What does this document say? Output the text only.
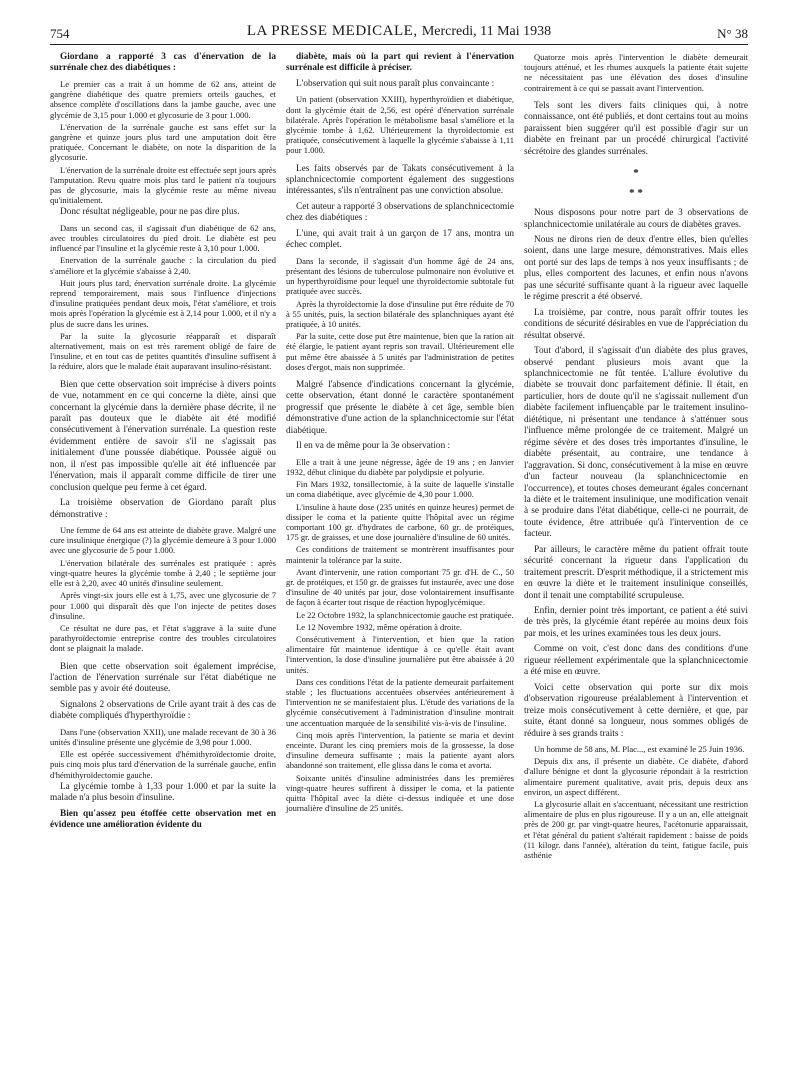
754	LA PRESSE MEDICALE, Mercredi, 11 Mai 1938	N° 38

Giordano a rapporté 3 cas d'énervation de la surrénale chez des diabétiques :

Le premier cas a trait à un homme de 62 ans, atteint de gangrène diabétique des quatre premiers orteils gauches, et absence complète d'oscillations dans la jambe gauche, avec une glycémie de 3,15 pour 1.000 et glycosurie de 3 pour 1.000.

L'énervation de la surrénale gauche est sans effet sur la gangrène et quinze jours plus tard une amputation doit être pratiquée. Concernant le diabète, on note la disparition de la glycosurie.

L'énervation de la surrénale droite est effectuée sept jours après l'amputation. Revu quatre mois plus tard le patient n'a toujours pas de glycosurie, mais la glycémie reste au même niveau qu'initialement.

Donc résultat négligeable, pour ne pas dire plus.

Dans un second cas, il s'agissait d'un diabétique de 62 ans, avec troubles circulatoires du pied droit. Le diabète est peu influencé par l'insuline et la glycémie reste à 3,10 pour 1.000.

Enervation de la surrénale gauche : la circulation du pied s'améliore et la glycémie s'abaisse à 2,40.

Huit jours plus tard, énervation surrénale droite. La glycémie reprend temporairement, mais sous l'influence d'injections d'insuline pratiquées pendant deux mois, l'état s'améliore, et trois mois après l'opération la glycémie est à 2,14 pour 1.000, et il n'y a plus de sucre dans les urines.

Par la suite la glycosurie réapparaît et disparaît alternativement, mais on est très rarement obligé de faire de l'insuline, et en tout cas de petites quantités d'insuline suffisent à la réduire, alors que le malade était auparavant insulino-résistant.

Bien que cette observation soit imprécise à divers points de vue, notamment en ce qui concerne la diète, ainsi que concernant la glycémie dans la dernière phase décrite, il ne paraît pas douteux que le diabète ait été modifié consécutivement à l'énervation surrénale. La question reste évidemment entière de savoir s'il ne s'agissait pas initialement d'une poussée diabétique. Poussée aiguë ou non, il n'est pas impossible qu'elle ait été influencée par l'énervation, mais il apparaît comme difficile de tirer une conclusion quelque peu ferme à cet égard.

La troisième observation de Giordano paraît plus démonstrative :

Une femme de 64 ans est atteinte de diabète grave. Malgré une cure insulinique énergique (?) la glycémie demeure à 3 pour 1.000 avec une glycosurie de 5 pour 1.000.

L'énervation bilatérale des surrénales est pratiquée : après vingt-quatre heures la glycémie tombe à 2,40 ; le septième jour elle est à 2,20, avec 40 unités d'insuline seulement.

Après vingt-six jours elle est à 1,75, avec une glycosurie de 7 pour 1.000 qui disparaît dès que l'on injecte de petites doses d'insuline.

Ce résultat ne dure pas, et l'état s'aggrave à la suite d'une parathyroïdectomie entreprise contre des troubles circulatoires dont se plaignait la malade.

Bien que cette observation soit également imprécise, l'action de l'énervation surrénale sur l'état diabétique ne semble pas y avoir été douteuse.

Signalons 2 observations de Crile ayant trait à des cas de diabète compliqués d'hyperthyroïdie :

Dans l'une (observation XXII), une malade recevant de 30 à 36 unités d'insuline présente une glycémie de 3,98 pour 1.000.

Elle est opérée successivement d'hémithyroïdectomie droite, puis cinq mois plus tard d'énervation de la surrénale gauche, enfin d'hémithyroïdectomie gauche.

La glycémie tombe à 1,33 pour 1.000 et par la suite la malade n'a plus besoin d'insuline.

Bien qu'assez peu étoffée cette observation met en évidence une amélioration évidente du

diabète, mais où la part qui revient à l'énervation surrénale est difficile à préciser.

L'observation qui suit nous paraît plus convaincante :

Un patient (observation XXIII), hyperthyroïdien et diabétique, dont la glycémie était de 2,56, est opéré d'énervation surrénale bilatérale. Après l'opération le métabolisme basal s'améliore et la glycémie tombe à 1,62. Ultérieurement la thyroïdectomie est pratiquée, consécutivement à laquelle la glycémie s'abaisse à 1,11 pour 1.000.

Les faits observés par de Takats consécutivement à la splanchnicectomie comportent également des suggestions intéressantes, s'ils n'entraînent pas une conviction absolue.

Cet auteur a rapporté 3 observations de splanchnicectomie chez des diabétiques :

L'une, qui avait trait à un garçon de 17 ans, montra un échec complet.

Dans la seconde, il s'agissait d'un homme âgé de 24 ans, présentant des lésions de tuberculose pulmonaire non évolutive et un hyperthyroïdisme pour lequel une thyroïdectomie subtotale fut pratiquée avec succès.

Après la thyroïdectomie la dose d'insuline put être réduite de 70 à 55 unités, puis, la section bilatérale des splanchniques ayant été pratiquée, à 10 unités.

Par la suite, cette dose put être maintenue, bien que la ration ait été élargie, le patient ayant repris son travail. Ultérieurement elle put même être abaissée à 5 unités par l'administration de petites doses d'ergot, mais non supprimée.

Malgré l'absence d'indications concernant la glycémie, cette observation, étant donné le caractère spontanément progressif que présente le diabète à cet âge, semble bien démonstrative d'une action de la splanchnicectomie sur l'état diabétique.

Il en va de même pour la 3e observation :

Elle a trait à une jeune négresse, âgée de 19 ans ; en Janvier 1932, début clinique du diabète par polydipsie et polyurie.

Fin Mars 1932, tonsillectomie, à la suite de laquelle s'installe un coma diabétique, avec glycémie de 4,30 pour 1.000.

L'insuline à haute dose (235 unités en quinze heures) permet de dissiper le coma et la patiente quitte l'hôpital avec un régime comportant 100 gr. d'hydrates de carbone, 60 gr. de protéiques, 175 gr. de graisses, et une dose journalière d'insuline de 60 unités.

Ces conditions de traitement se montrèrent insuffisantes pour maintenir la tolérance par la suite.

Avant d'intervenir, une ration comportant 75 gr. d'H. de C., 50 gr. de protéiques, et 150 gr. de graisses fut instaurée, avec une dose d'insuline de 40 unités par jour, dose volontairement insuffisante de façon à écarter tout risque de réaction hypoglycémique.

Le 22 Octobre 1932, la splanchnicectomie gauche est pratiquée.

Le 12 Novembre 1932, même opération à droite.

Consécutivement à l'intervention, et bien que la ration alimentaire fût maintenue identique à ce qu'elle était avant l'intervention, la dose d'insuline journalière put être abaissée à 20 unités.

Dans ces conditions l'état de la patiente demeurait parfaitement stable ; les fluctuations accentuées observées antérieurement à l'intervention ne se manifestaient plus. L'étude des variations de la glycémie consécutivement à l'administration d'insuline montrait une accentuation marquée de la sensibilité vis-à-vis de l'insuline.

Cinq mois après l'intervention, la patiente se maria et devint enceinte. Durant les cinq premiers mois de la grossesse, la dose d'insuline demeura suffisante ; mais la patiente ayant alors abandonné son traitement, elle glissa dans le coma et avorta.

Soixante unités d'insuline administrées dans les premières vingt-quatre heures suffirent à dissiper le coma, et la patiente quitta l'hôpital avec la diète ci-dessus indiquée et une dose journalière d'insuline de 25 unités.

Quatorze mois après l'intervention le diabète demeurait toujours atténué, et les rhumes auxquels la patiente était sujette ne nécessitaient pas une élévation des doses d'insuline contrairement à ce qui se passait avant l'intervention.

Tels sont les divers faits cliniques qui, à notre connaissance, ont été publiés, et dont certains tout au moins paraissent bien suggérer qu'il est possible d'agir sur un diabète en freinant par un procédé chirurgical l'activité sécrétoire des glandes surrénales.

*
* *

Nous disposons pour notre part de 3 observations de splanchnicectomie unilatérale au cours de diabètes graves.

Nous ne dirons rien de deux d'entre elles, bien qu'elles soient, dans une large mesure, démonstratives. Mais elles ont porté sur des laps de temps à nos yeux insuffisants ; de plus, elles comportent des lacunes, et enfin nous n'avons pas une sécurité suffisante quant à la rigueur avec laquelle le régime prescrit a été observé.

La troisième, par contre, nous paraît offrir toutes les conditions de sécurité désirables en vue de l'appréciation du résultat observé.

Tout d'abord, il s'agissait d'un diabète des plus graves, observé pendant plusieurs mois avant que la splanchnicectomie ne fût tentée. L'allure évolutive du diabète se trouvait donc parfaitement définie. Il était, en particulier, hors de doute qu'il ne s'agissait nullement d'un diabète facilement influençable par le traitement insulino-diététique, ni présentant une tendance à s'atténuer sous l'influence même prolongée de ce traitement. Malgré un régime sévère et des doses très importantes d'insuline, le diabète présentait, au contraire, une tendance à l'aggravation. Si donc, consécutivement à la mise en œuvre d'un facteur nouveau (la splanchnicectomie en l'occurrence), et toutes choses demeurant égales concernant la diète et le traitement insulinique, une modification venait à se produire dans l'état diabétique, celle-ci ne pourrait, de toute évidence, être attribuée qu'à l'intervention de ce facteur.

Par ailleurs, le caractère même du patient offrait toute sécurité concernant la rigueur dans l'application du traitement prescrit. D'esprit méthodique, il a strictement mis en œuvre la diète et le traitement insulinique conseillés, dont il tenait une comptabilité scrupuleuse.

Enfin, dernier point très important, ce patient a été suivi de très près, la glycémie étant repérée au moins deux fois par mois, et les urines examinées tous les deux jours.

Comme on voit, c'est donc dans des conditions d'une rigueur réellement expérimentale que la splanchnicectomie a été mise en œuvre.

Voici cette observation qui porte sur dix mois d'observation rigoureuse préalablement à l'intervention et treize mois consécutivement à cette dernière, et que, par suite, étant donné sa longueur, nous sommes obligés de réduire à ses grands traits :

Un homme de 58 ans, M. Plac..., est examiné le 25 Juin 1936.

Depuis dix ans, il présente un diabète. Ce diabète, d'abord d'allure bénigne et dont la glycosurie répondait à la restriction alimentaire purement qualitative, avait pris, depuis deux ans environ, un aspect différent.

La glycosurie allait en s'accentuant, nécessitant une restriction alimentaire de plus en plus rigoureuse. Il y a un an, elle atteignait près de 200 gr. par vingt-quatre heures, l'acétonurie apparaissait, et l'état général du patient s'altérait rapidement : baisse de poids (11 kilogr. dans l'année), altération du teint, fatigue facile, puis asthénie
